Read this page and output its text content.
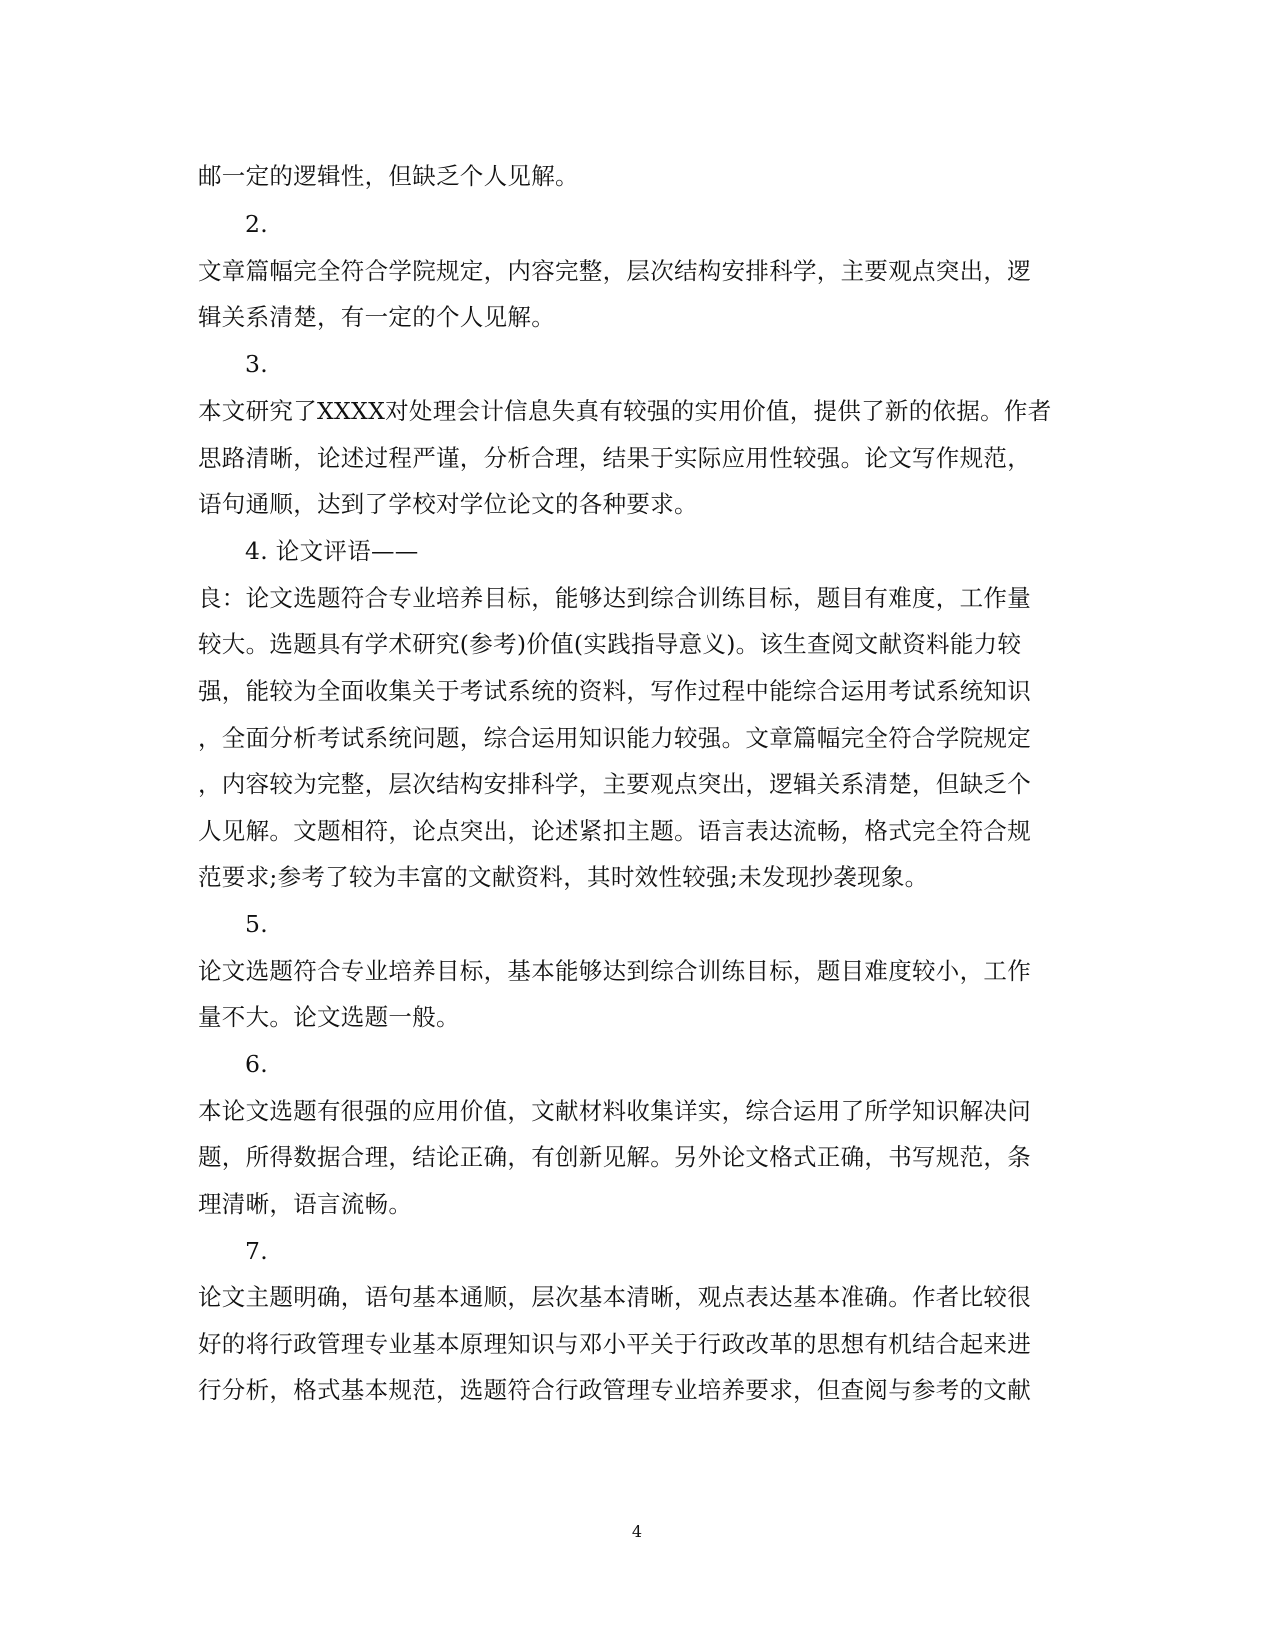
邮一定的逻辑性，但缺乏个人见解。
2.
文章篇幅完全符合学院规定，内容完整，层次结构安排科学，主要观点突出，逻
辑关系清楚，有一定的个人见解。
3.
本文研究了XXXX对处理会计信息失真有较强的实用价值，提供了新的依据。作者
思路清晰，论述过程严谨，分析合理，结果于实际应用性较强。论文写作规范，
语句通顺，达到了学校对学位论文的各种要求。
4. 论文评语——
良：论文选题符合专业培养目标，能够达到综合训练目标，题目有难度，工作量
较大。选题具有学术研究(参考)价值(实践指导意义)。该生查阅文献资料能力较
强，能较为全面收集关于考试系统的资料，写作过程中能综合运用考试系统知识
，全面分析考试系统问题，综合运用知识能力较强。文章篇幅完全符合学院规定
，内容较为完整，层次结构安排科学，主要观点突出，逻辑关系清楚，但缺乏个
人见解。文题相符，论点突出，论述紧扣主题。语言表达流畅，格式完全符合规
范要求;参考了较为丰富的文献资料，其时效性较强;未发现抄袭现象。
5.
论文选题符合专业培养目标，基本能够达到综合训练目标，题目难度较小，工作
量不大。论文选题一般。
6.
本论文选题有很强的应用价值，文献材料收集详实，综合运用了所学知识解决问
题，所得数据合理，结论正确，有创新见解。另外论文格式正确，书写规范，条
理清晰，语言流畅。
7.
论文主题明确，语句基本通顺，层次基本清晰，观点表达基本准确。作者比较很
好的将行政管理专业基本原理知识与邓小平关于行政改革的思想有机结合起来进
行分析，格式基本规范，选题符合行政管理专业培养要求，但查阅与参考的文献
4
